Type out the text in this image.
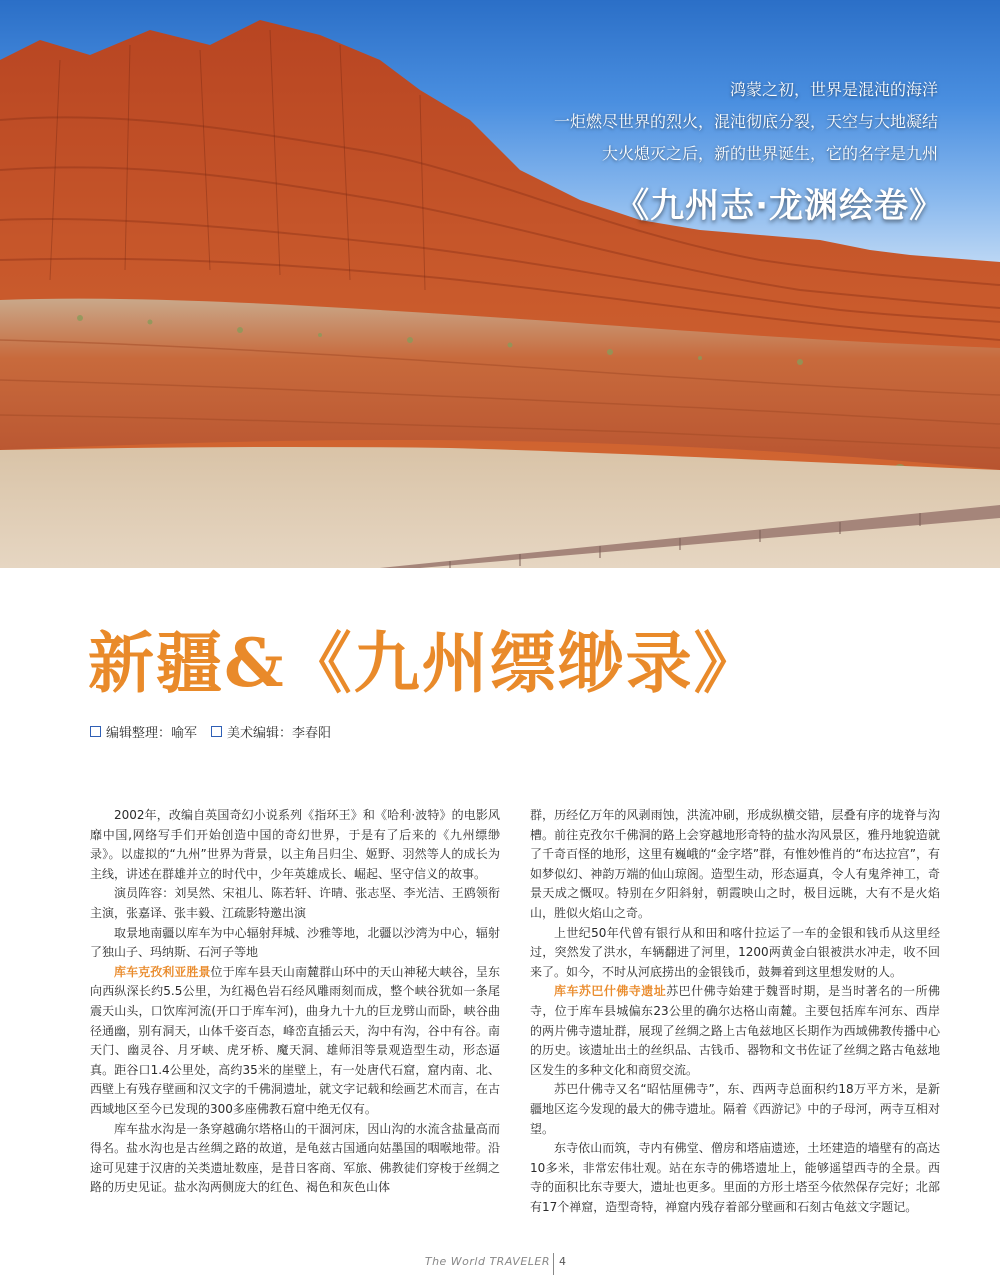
鸿蒙之初，世界是混沌的海洋
一炬燃尽世界的烈火，混沌彻底分裂，天空与大地凝结
大火熄灭之后，新的世界诞生，它的名字是九州
《九州志·龙渊绘卷》
新疆&《九州缥缈录》
编辑整理：喻军 美术编辑：李春阳

2002年，改编自英国奇幻小说系列《指环王》和《哈利·波特》的电影风靡中国,网络写手们开始创造中国的奇幻世界，于是有了后来的《九州缥缈录》。以虚拟的“九州”世界为背景，以主角吕归尘、姬野、羽然等人的成长为主线，讲述在群雄并立的时代中，少年英雄成长、崛起、坚守信义的故事。

演员阵容：刘昊然、宋祖儿、陈若轩、许晴、张志坚、李光洁、王鸥领衔主演，张嘉译、张丰毅、江疏影特邀出演

取景地南疆以库车为中心辐射拜城、沙雅等地，北疆以沙湾为中心，辐射了独山子、玛纳斯、石河子等地

库车克孜利亚胜景位于库车县天山南麓群山环中的天山神秘大峡谷，呈东向西纵深长约5.5公里，为红褐色岩石经风雕雨刻而成，整个峡谷犹如一条尾震天山头，口饮库河流(开口于库车河)，曲身九十九的巨龙劈山而卧，峡谷曲径通幽，别有洞天，山体千姿百态，峰峦直插云天，沟中有沟，谷中有谷。南天门、幽灵谷、月牙峡、虎牙桥、魔天洞、雄师泪等景观造型生动，形态逼真。距谷口1.4公里处，高约35米的崖壁上，有一处唐代石窟，窟内南、北、西壁上有残存壁画和汉文字的千佛洞遗址，就文字记载和绘画艺术而言，在古西域地区至今已发现的300多座佛教石窟中绝无仅有。

库车盐水沟是一条穿越确尔塔格山的干涸河床，因山沟的水流含盐量高而得名。盐水沟也是古丝绸之路的故道，是龟兹古国通向姑墨国的咽喉地带。沿途可见建于汉唐的关类遗址数座，是昔日客商、军旅、佛教徒们穿梭于丝绸之路的历史见证。盐水沟两侧庞大的红色、褐色和灰色山体

群，历经亿万年的风剥雨蚀，洪流冲刷，形成纵横交错，层叠有序的垅脊与沟槽。前往克孜尔千佛洞的路上会穿越地形奇特的盐水沟风景区，雅丹地貌造就了千奇百怪的地形，这里有巍峨的“金字塔”群，有惟妙惟肖的“布达拉宫”，有如梦似幻、神韵万端的仙山琼阁。造型生动，形态逼真，令人有鬼斧神工，奇景天成之慨叹。特别在夕阳斜射，朝霞映山之时，极目远眺，大有不是火焰山，胜似火焰山之奇。

上世纪50年代曾有银行从和田和喀什拉运了一车的金银和钱币从这里经过，突然发了洪水，车辆翻进了河里，1200两黄金白银被洪水冲走，收不回来了。如今，不时从河底捞出的金银钱币，鼓舞着到这里想发财的人。

库车苏巴什佛寺遗址苏巴什佛寺始建于魏晋时期，是当时著名的一所佛寺，位于库车县城偏东23公里的确尔达格山南麓。主要包括库车河东、西岸的两片佛寺遗址群，展现了丝绸之路上古龟兹地区长期作为西域佛教传播中心的历史。该遗址出土的丝织品、古钱币、器物和文书佐证了丝绸之路古龟兹地区发生的多种文化和商贸交流。

苏巴什佛寺又名“昭怙厘佛寺”，东、西两寺总面积约18万平方米，是新疆地区迄今发现的最大的佛寺遗址。隔着《西游记》中的子母河，两寺互相对望。

东寺依山而筑，寺内有佛堂、僧房和塔庙遗迹，土坯建造的墙壁有的高达10多米，非常宏伟壮观。站在东寺的佛塔遗址上，能够遥望西寺的全景。西寺的面积比东寺要大，遗址也更多。里面的方形土塔至今依然保存完好；北部有17个禅窟，造型奇特，禅窟内残存着部分壁画和石刻古龟兹文字题记。

The World TRAVELER 4
